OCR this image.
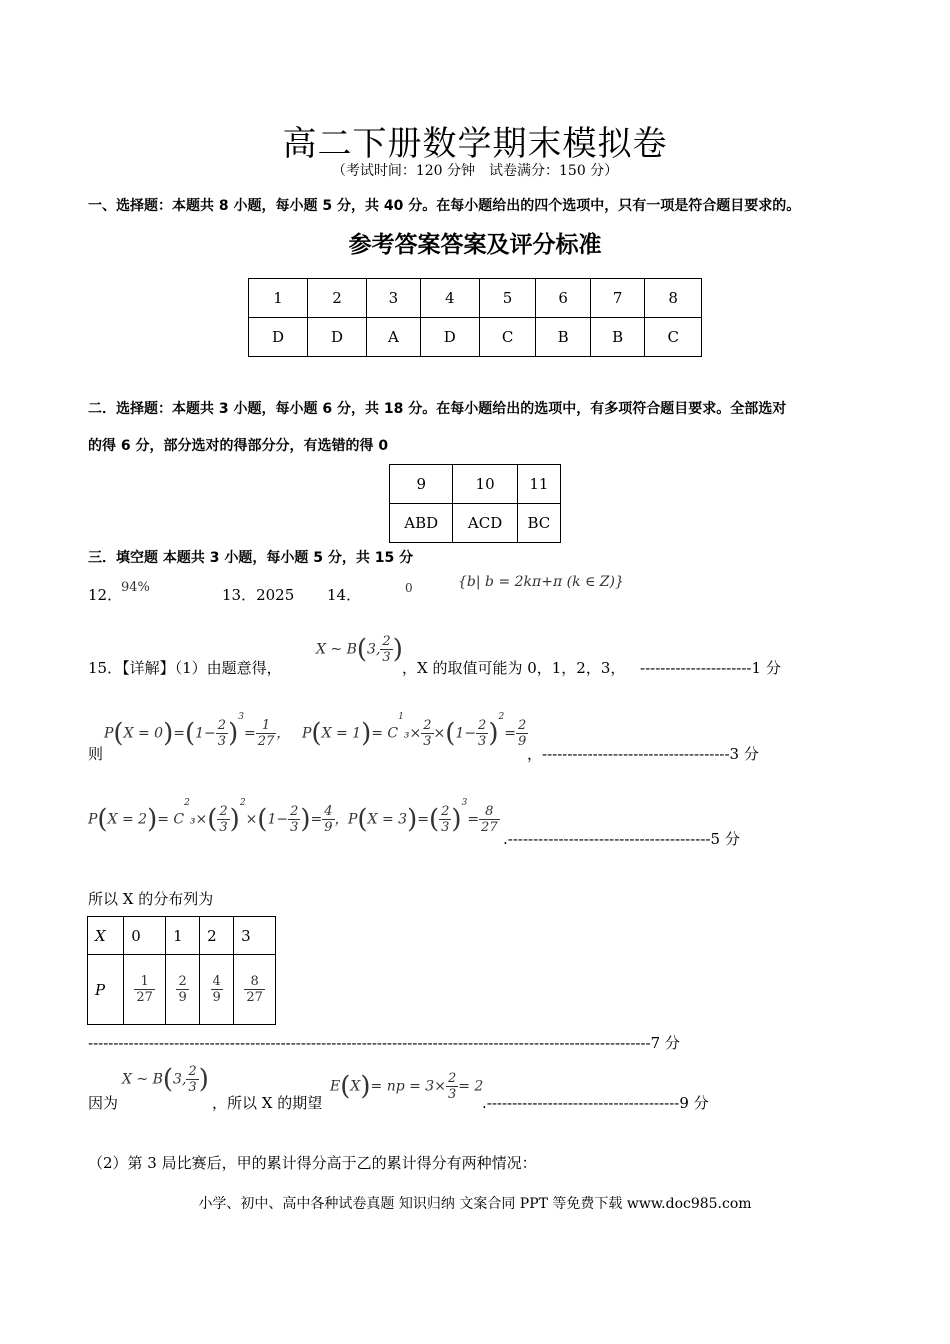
高二下册数学期末模拟卷
（考试时间：120 分钟　试卷满分：150 分）
一、选择题：本题共 8 小题，每小题 5 分，共 40 分。在每小题给出的四个选项中，只有一项是符合题目要求的。
参考答案答案及评分标准
1	2	3	4	5	6	7	8
D	D	A	D	C	B	B	C
二．选择题：本题共 3 小题，每小题 6 分，共 18 分。在每小题给出的选项中，有多项符合题目要求。全部选对
的得 6 分，部分选对的得部分分，有选错的得 0
9	10	11
ABD	ACD	BC
三．填空题 本题共 3 小题，每小题 5 分，共 15 分
12．
94%	13．2025 14．	0	{b| b = 2kπ+π (k ∈ Z)}
15．【详解】（1）由题意得，
X ~ B(3, $\frac{2}{3}$ )
，X 的取值可能为 0，1，2，3， ----------------------1 分
则
$P(X = 0)=(1- \frac{2}{3} )^3= \frac{1}{27}$ ， $P(X = 1)= C^1_3\times \frac{2}{3} \times(1- \frac{2}{3} )^2= \frac{2}{9}$
，-------------------------------------3 分
$P(X = 2)= C^2_3\times( \frac{2}{3} )^2\times(1- \frac{2}{3}$ )= $\frac{4}{9}$ ， $P(X = 3)=( \frac{2}{3} )^3= \frac{8}{27}$
.----------------------------------------5 分
所以 X 的分布列为
X	0	1	2	3
P	$\frac{1}{27}$	$\frac{2}{9}$	$\frac{4}{9}$	$\frac{8}{27}$
---------------------------------------------------------------------------------------------------------------7 分
因为
X ~ B(3, $\frac{2}{3}$ )
，所以 X 的期望
E(X)= np = $3\times \frac{2}{3} = 2$
.--------------------------------------9 分
（2）第 3 局比赛后，甲的累计得分高于乙的累计得分有两种情况：
小学、初中、高中各种试卷真题 知识归纳 文案合同 PPT 等免费下载 www.doc985.com
